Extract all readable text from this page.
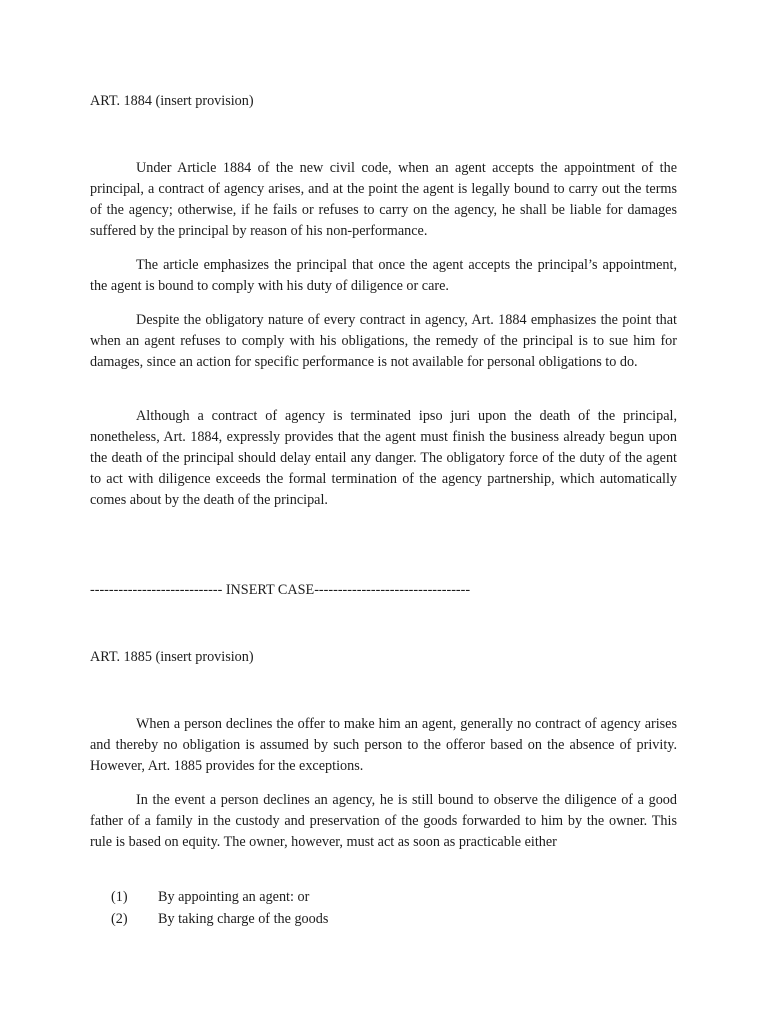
ART. 1884 (insert provision)

Under Article 1884 of the new civil code, when an agent accepts the appointment of the principal, a contract of agency arises, and at the point the agent is legally bound to carry out the terms of the agency; otherwise, if he fails or refuses to carry on the agency, he shall be liable for damages suffered by the principal by reason of his non-performance.

The article emphasizes the principal that once the agent accepts the principal’s appointment, the agent is bound to comply with his duty of diligence or care.

Despite the obligatory nature of every contract in agency, Art. 1884 emphasizes the point that when an agent refuses to comply with his obligations, the remedy of the principal is to sue him for damages, since an action for specific performance is not available for personal obligations to do.

Although a contract of agency is terminated ipso juri upon the death of the principal, nonetheless, Art. 1884, expressly provides that the agent must finish the business already begun upon the death of the principal should delay entail any danger. The obligatory force of the duty of the agent to act with diligence exceeds the formal termination of the agency partnership, which automatically comes about by the death of the principal.

---------------------------- INSERT CASE---------------------------------

ART. 1885 (insert provision)

When a person declines the offer to make him an agent, generally no contract of agency arises and thereby no obligation is assumed by such person to the offeror based on the absence of privity. However, Art. 1885 provides for the exceptions.

In the event a person declines an agency, he is still bound to observe the diligence of a good father of a family in the custody and preservation of the goods forwarded to him by the owner. This rule is based on equity. The owner, however, must act as soon as practicable either

(1)	By appointing an agent: or
(2)	By taking charge of the goods
